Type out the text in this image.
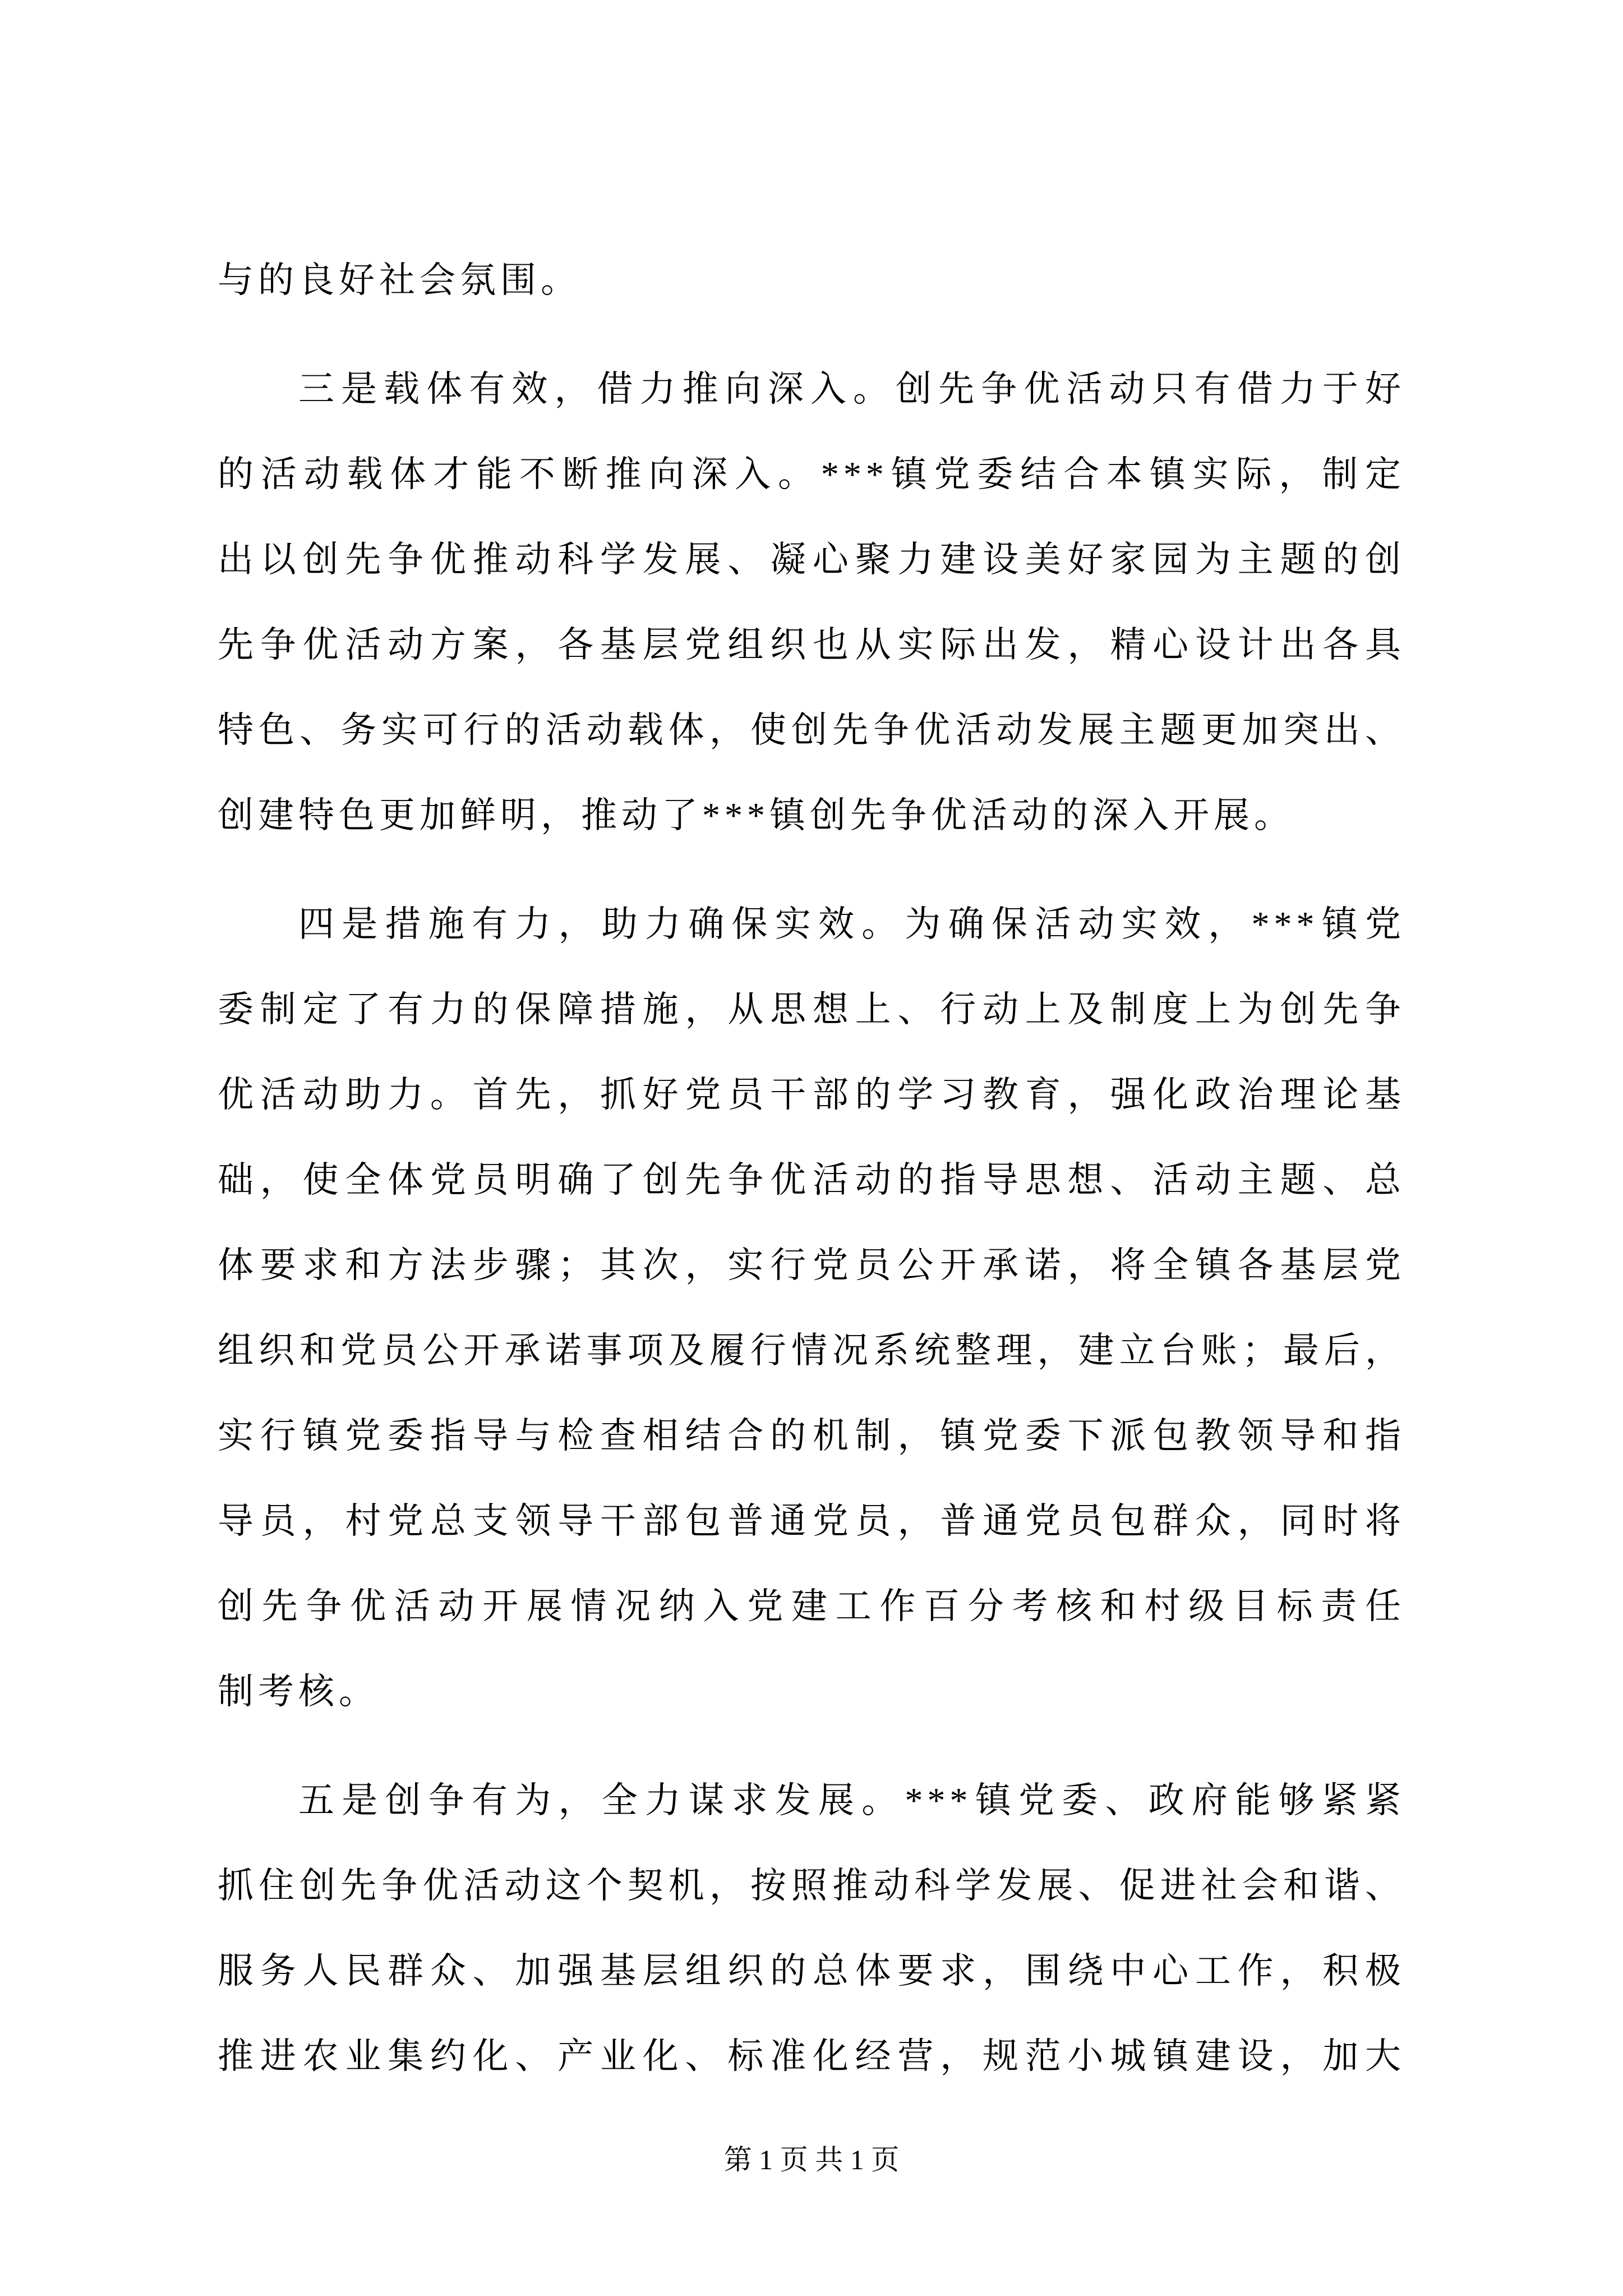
与的良好社会氛围。
三是载体有效，借力推向深入。创先争优活动只有借力于好
的活动载体才能不断推向深入。***镇党委结合本镇实际，制定
出以创先争优推动科学发展、凝心聚力建设美好家园为主题的创
先争优活动方案，各基层党组织也从实际出发，精心设计出各具
特色、务实可行的活动载体，使创先争优活动发展主题更加突出、
创建特色更加鲜明，推动了***镇创先争优活动的深入开展。
四是措施有力，助力确保实效。为确保活动实效，***镇党
委制定了有力的保障措施，从思想上、行动上及制度上为创先争
优活动助力。首先，抓好党员干部的学习教育，强化政治理论基
础，使全体党员明确了创先争优活动的指导思想、活动主题、总
体要求和方法步骤；其次，实行党员公开承诺，将全镇各基层党
组织和党员公开承诺事项及履行情况系统整理，建立台账；最后，
实行镇党委指导与检查相结合的机制，镇党委下派包教领导和指
导员，村党总支领导干部包普通党员，普通党员包群众，同时将
创先争优活动开展情况纳入党建工作百分考核和村级目标责任
制考核。
五是创争有为，全力谋求发展。***镇党委、政府能够紧紧
抓住创先争优活动这个契机，按照推动科学发展、促进社会和谐、
服务人民群众、加强基层组织的总体要求，围绕中心工作，积极
推进农业集约化、产业化、标准化经营，规范小城镇建设，加大
第 1 页 共 1 页
